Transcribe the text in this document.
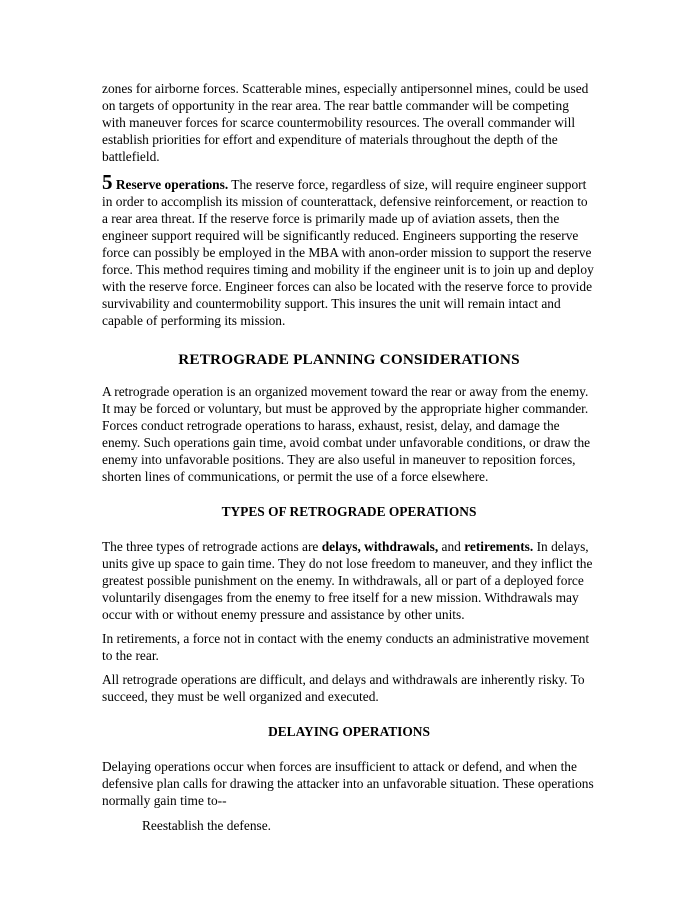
zones for airborne forces. Scatterable mines, especially antipersonnel mines, could be used on targets of opportunity in the rear area. The rear battle commander will be competing with maneuver forces for scarce countermobility resources. The overall commander will establish priorities for effort and expenditure of materials throughout the depth of the battlefield.

5 Reserve operations. The reserve force, regardless of size, will require engineer support in order to accomplish its mission of counterattack, defensive reinforcement, or reaction to a rear area threat. If the reserve force is primarily made up of aviation assets, then the engineer support required will be significantly reduced. Engineers supporting the reserve force can possibly be employed in the MBA with anon-order mission to support the reserve force. This method requires timing and mobility if the engineer unit is to join up and deploy with the reserve force. Engineer forces can also be located with the reserve force to provide survivability and countermobility support. This insures the unit will remain intact and capable of performing its mission.

RETROGRADE PLANNING CONSIDERATIONS

A retrograde operation is an organized movement toward the rear or away from the enemy. It may be forced or voluntary, but must be approved by the appropriate higher commander. Forces conduct retrograde operations to harass, exhaust, resist, delay, and damage the enemy. Such operations gain time, avoid combat under unfavorable conditions, or draw the enemy into unfavorable positions. They are also useful in maneuver to reposition forces, shorten lines of communications, or permit the use of a force elsewhere.

TYPES OF RETROGRADE OPERATIONS

The three types of retrograde actions are delays, withdrawals, and retirements. In delays, units give up space to gain time. They do not lose freedom to maneuver, and they inflict the greatest possible punishment on the enemy. In withdrawals, all or part of a deployed force voluntarily disengages from the enemy to free itself for a new mission. Withdrawals may occur with or without enemy pressure and assistance by other units.

In retirements, a force not in contact with the enemy conducts an administrative movement to the rear.

All retrograde operations are difficult, and delays and withdrawals are inherently risky. To succeed, they must be well organized and executed.

DELAYING OPERATIONS

Delaying operations occur when forces are insufficient to attack or defend, and when the defensive plan calls for drawing the attacker into an unfavorable situation. These operations normally gain time to--

Reestablish the defense.
